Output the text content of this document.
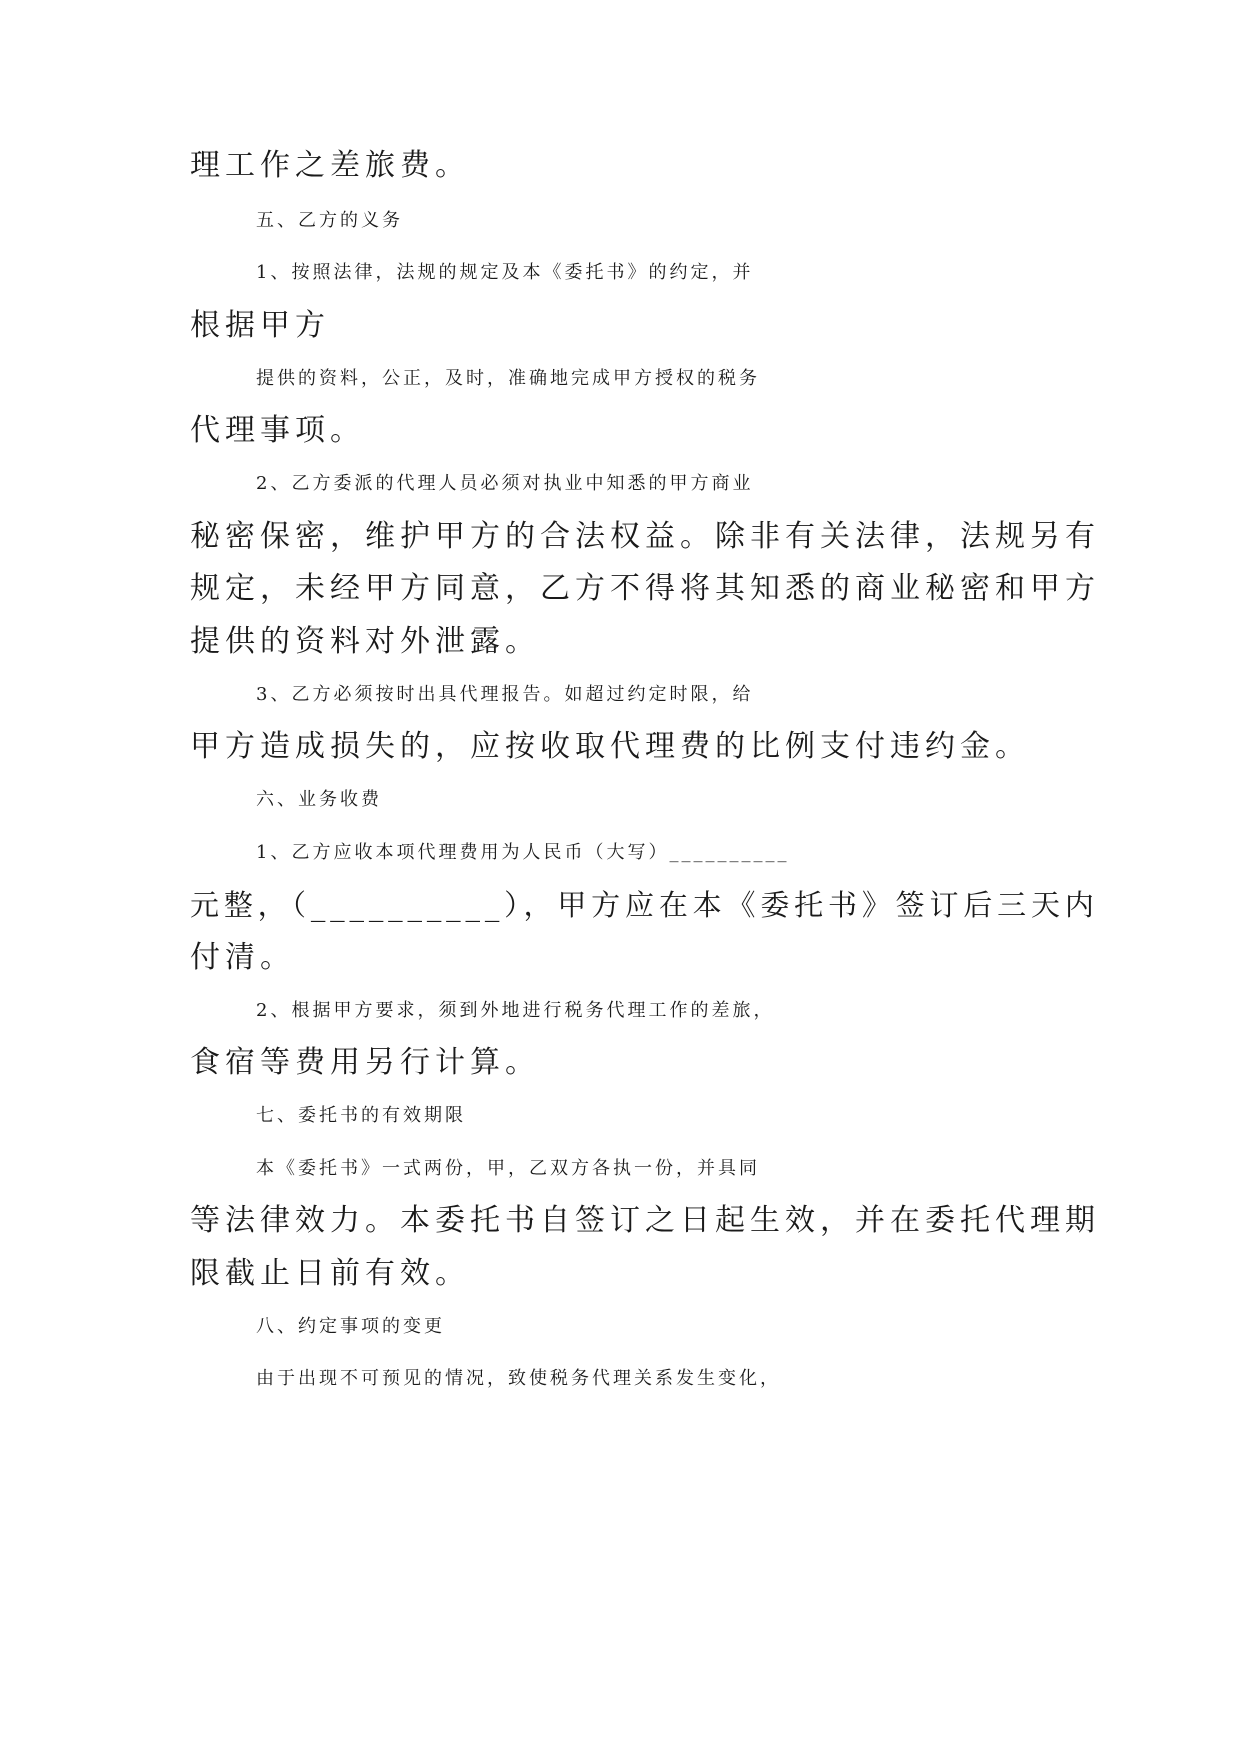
理工作之差旅费。
五、乙方的义务
1、按照法律，法规的规定及本《委托书》的约定，并
根据甲方
提供的资料，公正，及时，准确地完成甲方授权的税务
代理事项。
2、乙方委派的代理人员必须对执业中知悉的甲方商业
秘密保密，维护甲方的合法权益。除非有关法律，法规另有
规定，未经甲方同意，乙方不得将其知悉的商业秘密和甲方
提供的资料对外泄露。
3、乙方必须按时出具代理报告。如超过约定时限，给
甲方造成损失的，应按收取代理费的比例支付违约金。
六、业务收费
1、乙方应收本项代理费用为人民币（大写）__________
元整，（__________），甲方应在本《委托书》签订后三天内
付清。
2、根据甲方要求，须到外地进行税务代理工作的差旅，
食宿等费用另行计算。
七、委托书的有效期限
本《委托书》一式两份，甲，乙双方各执一份，并具同
等法律效力。本委托书自签订之日起生效，并在委托代理期
限截止日前有效。
八、约定事项的变更
由于出现不可预见的情况，致使税务代理关系发生变化，
